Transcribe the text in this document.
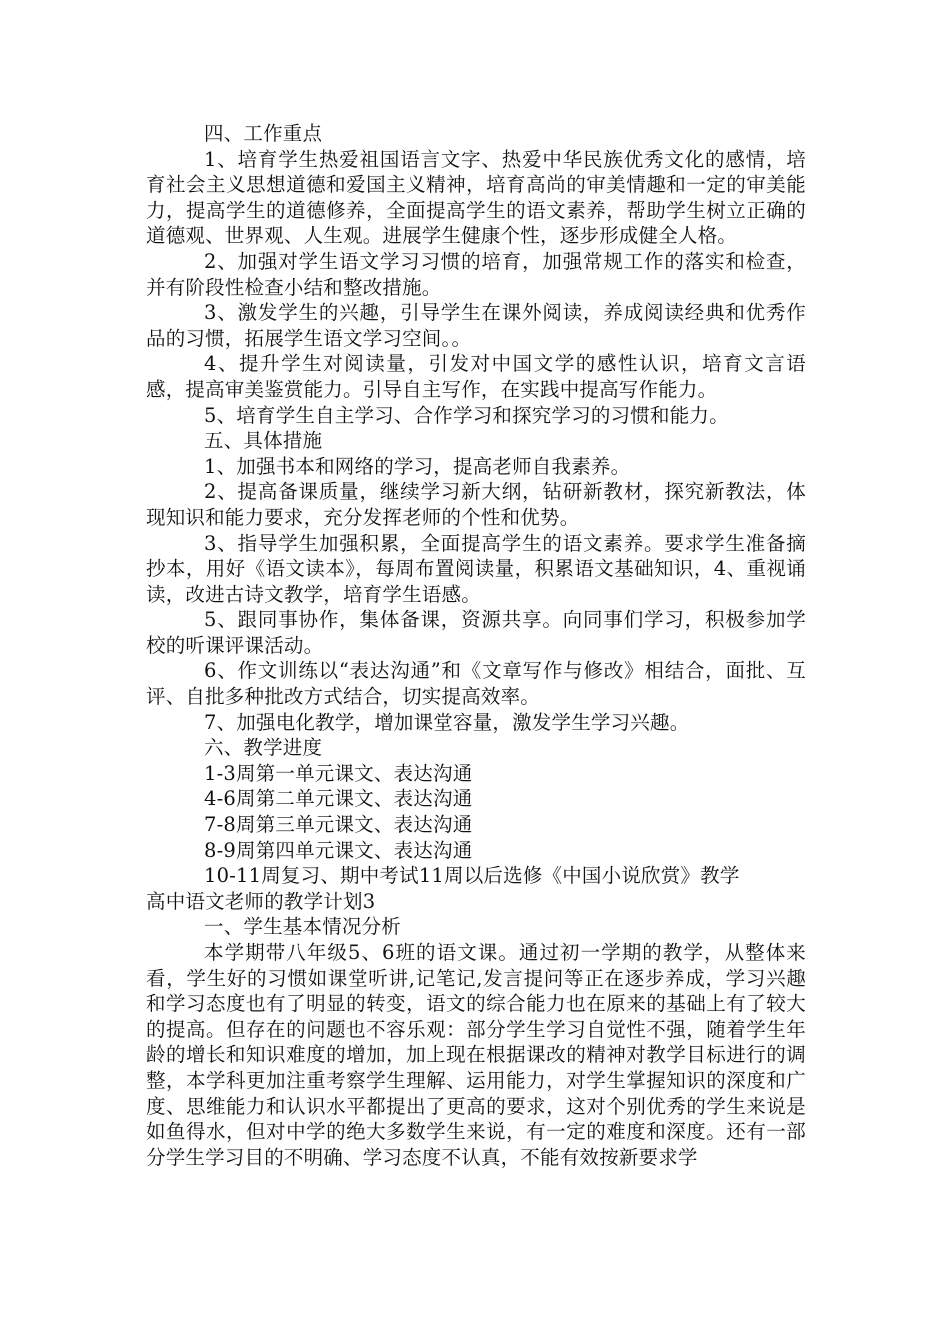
四、工作重点

1、培育学生热爱祖国语言文字、热爱中华民族优秀文化的感情，培育社会主义思想道德和爱国主义精神，培育高尚的审美情趣和一定的审美能力，提高学生的道德修养，全面提高学生的语文素养，帮助学生树立正确的道德观、世界观、人生观。进展学生健康个性，逐步形成健全人格。

2、加强对学生语文学习习惯的培育，加强常规工作的落实和检查，并有阶段性检查小结和整改措施。

3、激发学生的兴趣，引导学生在课外阅读，养成阅读经典和优秀作品的习惯，拓展学生语文学习空间。。

4、提升学生对阅读量，引发对中国文学的感性认识，培育文言语感，提高审美鉴赏能力。引导自主写作，在实践中提高写作能力。

5、培育学生自主学习、合作学习和探究学习的习惯和能力。

五、具体措施

1、加强书本和网络的学习，提高老师自我素养。

2、提高备课质量，继续学习新大纲，钻研新教材，探究新教法，体现知识和能力要求，充分发挥老师的个性和优势。

3、指导学生加强积累，全面提高学生的语文素养。要求学生准备摘抄本，用好《语文读本》，每周布置阅读量，积累语文基础知识，4、重视诵读，改进古诗文教学，培育学生语感。

5、跟同事协作，集体备课，资源共享。向同事们学习，积极参加学校的听课评课活动。

6、作文训练以“表达沟通”和《文章写作与修改》相结合，面批、互评、自批多种批改方式结合，切实提高效率。

7、加强电化教学，增加课堂容量，激发学生学习兴趣。

六、教学进度

1-3周第一单元课文、表达沟通

4-6周第二单元课文、表达沟通

7-8周第三单元课文、表达沟通

8-9周第四单元课文、表达沟通

10-11周复习、期中考试11周以后选修《中国小说欣赏》教学

高中语文老师的教学计划3

一、学生基本情况分析

本学期带八年级5、6班的语文课。通过初一学期的教学，从整体来看，学生好的习惯如课堂听讲,记笔记,发言提问等正在逐步养成，学习兴趣和学习态度也有了明显的转变，语文的综合能力也在原来的基础上有了较大的提高。但存在的问题也不容乐观：部分学生学习自觉性不强，随着学生年龄的增长和知识难度的增加，加上现在根据课改的精神对教学目标进行的调整，本学科更加注重考察学生理解、运用能力，对学生掌握知识的深度和广度、思维能力和认识水平都提出了更高的要求，这对个别优秀的学生来说是如鱼得水，但对中学的绝大多数学生来说，有一定的难度和深度。还有一部分学生学习目的不明确、学习态度不认真，不能有效按新要求学
